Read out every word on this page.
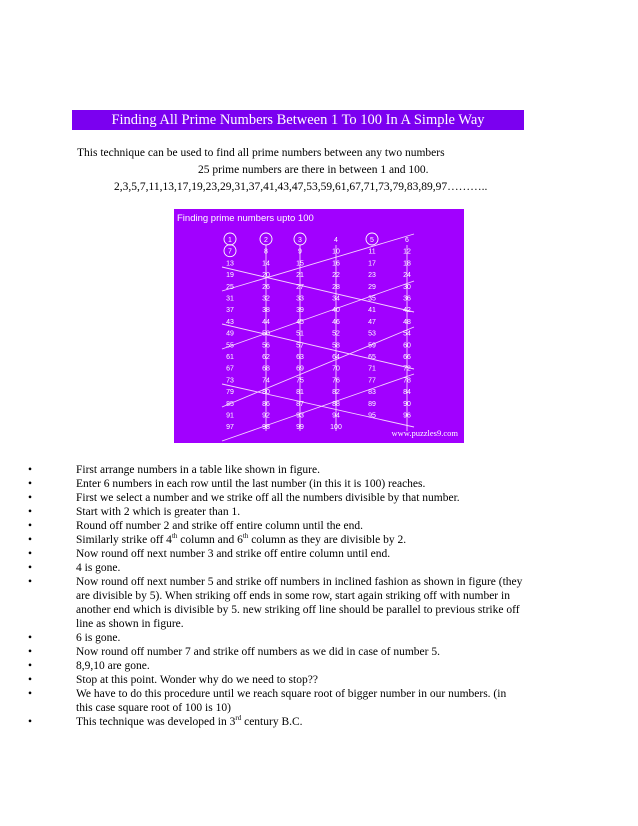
Finding All Prime Numbers Between 1 To 100 In A Simple Way
This technique can be used to find all prime numbers between any two numbers
25 prime numbers are there in between 1 and 100.
2,3,5,7,11,13,17,19,23,29,31,37,41,43,47,53,59,61,67,71,73,79,83,89,97………..
Finding prime numbers upto 100
1	2	3	4	5	6
7	8	9	10	11	12
13	14	15	16	17	18
19	20	21	22	23	24
25	26	27	28	29	30
31	32	33	34	35	36
37	38	39	40	41	42
43	44	45	46	47	48
49	50	51	52	53	54
55	56	57	58	59	60
61	62	63	64	65	66
67	68	69	70	71	72
73	74	75	76	77	78
79	80	81	82	83	84
85	86	87	88	89	90
91	92	93	94	95	96
97	98	99	100
www.puzzles9.com
•	First arrange numbers in a table like shown in figure.
•	Enter 6 numbers in each row until the last number (in this it is 100) reaches.
•	First we select a number and we strike off all the numbers divisible by that number.
•	Start with 2 which is greater than 1.
•	Round off number 2 and strike off entire column until the end.
•	Similarly strike off 4th column and 6th column as they are divisible by 2.
•	Now round off next number 3 and strike off entire column until end.
•	4 is gone.
•	Now round off next number 5 and strike off numbers in inclined fashion as shown in figure (they
are divisible by 5). When striking off ends in some row, start again striking off with number in
another end which is divisible by 5. new striking off line should be parallel to previous strike off
line as shown in figure.
•	6 is gone.
•	Now round off number 7 and strike off numbers as we did in case of number 5.
•	8,9,10 are gone.
•	Stop at this point. Wonder why do we need to stop??
•	We have to do this procedure until we reach square root of bigger number in our numbers. (in
this case square root of 100 is 10)
•	This technique was developed in 3rd century B.C.
